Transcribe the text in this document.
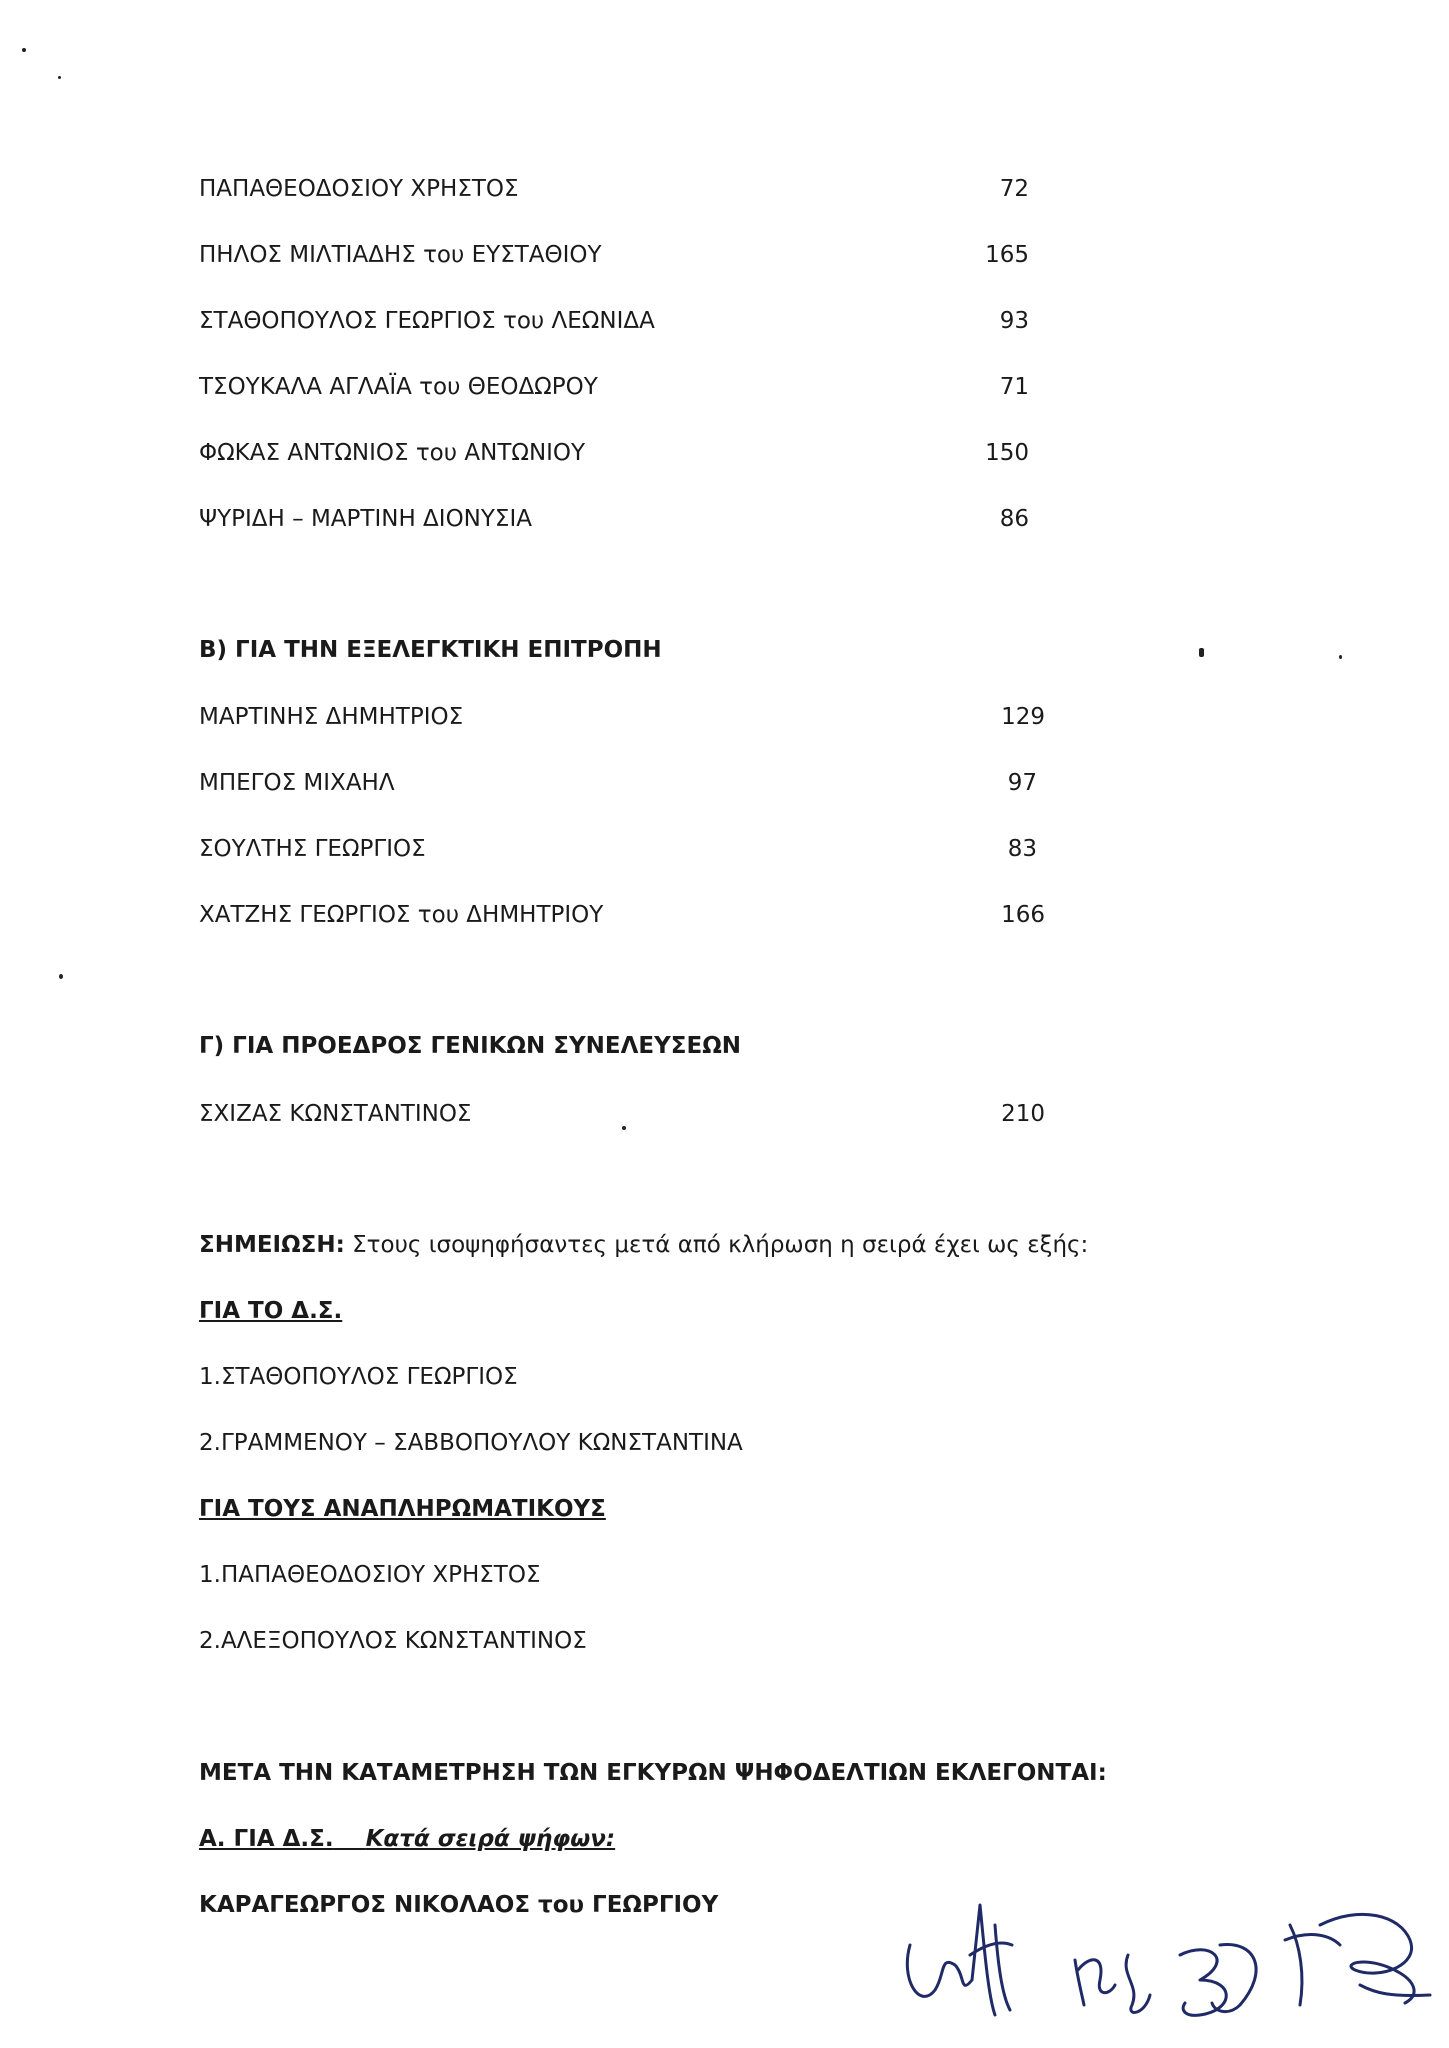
ΠΑΠΑΘΕΟΔΟΣΙΟΥ ΧΡΗΣΤΟΣ	72
ΠΗΛΟΣ ΜΙΛΤΙΑΔΗΣ του ΕΥΣΤΑΘΙΟΥ	165
ΣΤΑΘΟΠΟΥΛΟΣ ΓΕΩΡΓΙΟΣ του ΛΕΩΝΙΔΑ	93
ΤΣΟΥΚΑΛΑ ΑΓΛΑΪΑ του ΘΕΟΔΩΡΟΥ	71
ΦΩΚΑΣ ΑΝΤΩΝΙΟΣ του ΑΝΤΩΝΙΟΥ	150
ΨΥΡΙΔΗ – ΜΑΡΤΙΝΗ ΔΙΟΝΥΣΙΑ	86
Β) ΓΙΑ ΤΗΝ ΕΞΕΛΕΓΚΤΙΚΗ ΕΠΙΤΡΟΠΗ
ΜΑΡΤΙΝΗΣ ΔΗΜΗΤΡΙΟΣ	129
ΜΠΕΓΟΣ ΜΙΧΑΗΛ	97
ΣΟΥΛΤΗΣ ΓΕΩΡΓΙΟΣ	83
ΧΑΤΖΗΣ ΓΕΩΡΓΙΟΣ του ΔΗΜΗΤΡΙΟΥ	166
Γ) ΓΙΑ ΠΡΟΕΔΡΟΣ ΓΕΝΙΚΩΝ ΣΥΝΕΛΕΥΣΕΩΝ
ΣΧΙΖΑΣ ΚΩΝΣΤΑΝΤΙΝΟΣ	210
ΣΗΜΕΙΩΣΗ: Στους ισοψηφήσαντες μετά από κλήρωση η σειρά έχει ως εξής:
ΓΙΑ ΤΟ Δ.Σ.
1.ΣΤΑΘΟΠΟΥΛΟΣ ΓΕΩΡΓΙΟΣ
2.ΓΡΑΜΜΕΝΟΥ – ΣΑΒΒΟΠΟΥΛΟΥ ΚΩΝΣΤΑΝΤΙΝΑ
ΓΙΑ ΤΟΥΣ ΑΝΑΠΛΗΡΩΜΑΤΙΚΟΥΣ
1.ΠΑΠΑΘΕΟΔΟΣΙΟΥ ΧΡΗΣΤΟΣ
2.ΑΛΕΞΟΠΟΥΛΟΣ ΚΩΝΣΤΑΝΤΙΝΟΣ
ΜΕΤΑ ΤΗΝ ΚΑΤΑΜΕΤΡΗΣΗ ΤΩΝ ΕΓΚΥΡΩΝ ΨΗΦΟΔΕΛΤΙΩΝ ΕΚΛΕΓΟΝΤΑΙ:
Α. ΓΙΑ Δ.Σ. Κατά σειρά ψήφων:
ΚΑΡΑΓΕΩΡΓΟΣ ΝΙΚΟΛΑΟΣ του ΓΕΩΡΓΙΟΥ
